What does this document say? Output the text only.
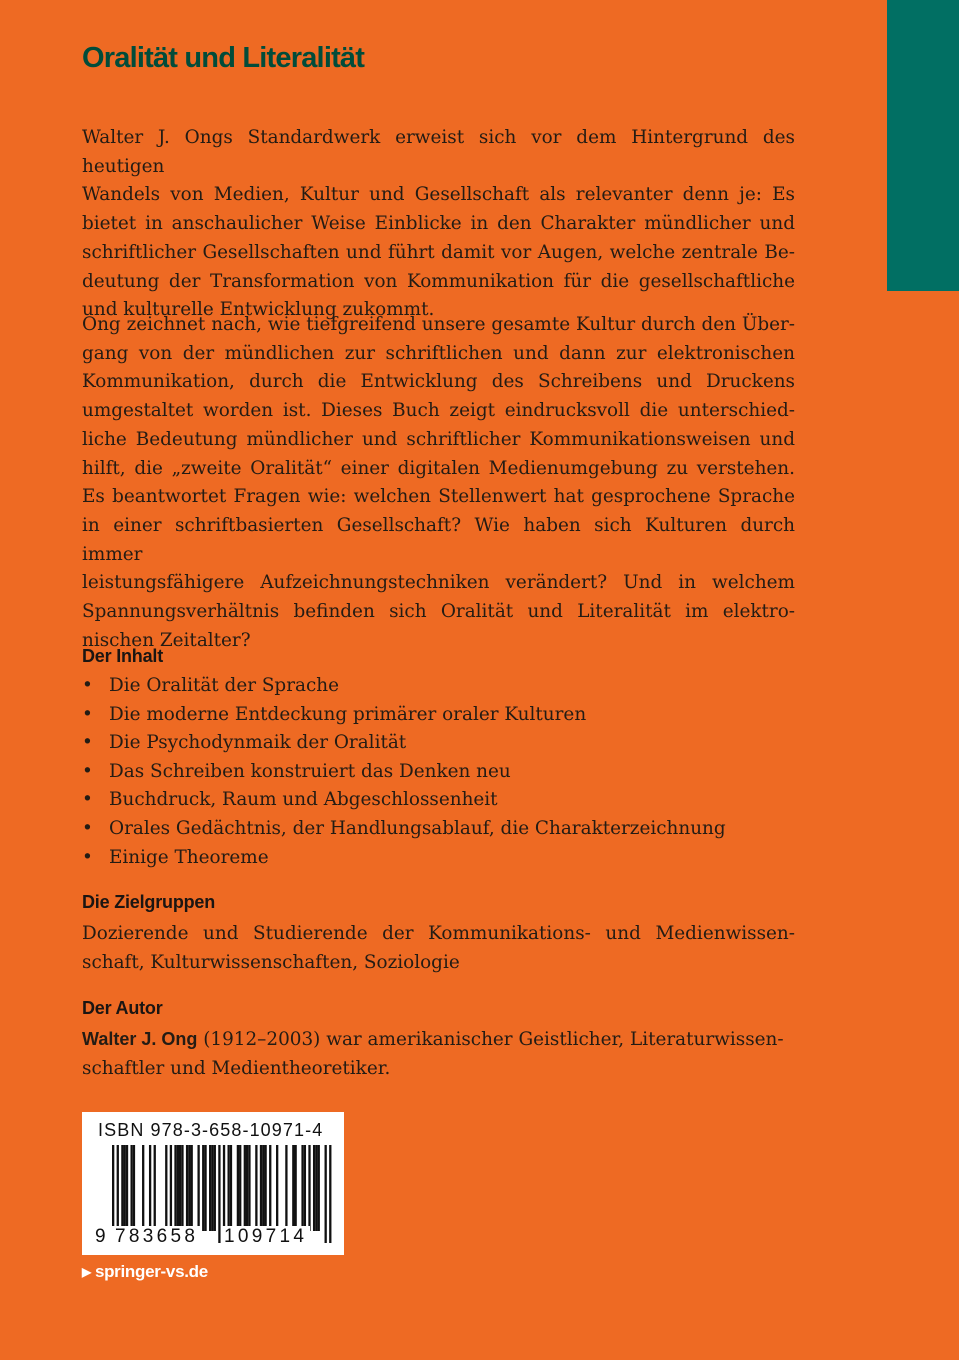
Oralität und Literalität

Walter J. Ongs Standardwerk erweist sich vor dem Hintergrund des heutigen
Wandels von Medien, Kultur und Gesellschaft als relevanter denn je: Es
bietet in anschaulicher Weise Einblicke in den Charakter mündlicher und
schriftlicher Gesellschaften und führt damit vor Augen, welche zentrale Be-
deutung der Transformation von Kommunikation für die gesellschaftliche
und kulturelle Entwicklung zukommt.

Ong zeichnet nach, wie tiefgreifend unsere gesamte Kultur durch den Über-
gang von der mündlichen zur schriftlichen und dann zur elektronischen
Kommunikation, durch die Entwicklung des Schreibens und Druckens
umgestaltet worden ist. Dieses Buch zeigt eindrucksvoll die unterschied-
liche Bedeutung mündlicher und schriftlicher Kommunikationsweisen und
hilft, die „zweite Oralität“ einer digitalen Medienumgebung zu verstehen.
Es beantwortet Fragen wie: welchen Stellenwert hat gesprochene Sprache
in einer schriftbasierten Gesellschaft? Wie haben sich Kulturen durch immer
leistungsfähigere Aufzeichnungstechniken verändert? Und in welchem
Spannungsverhältnis befinden sich Oralität und Literalität im elektro-
nischen Zeitalter?

Der Inhalt
• Die Oralität der Sprache
• Die moderne Entdeckung primärer oraler Kulturen
• Die Psychodynmaik der Oralität
• Das Schreiben konstruiert das Denken neu
• Buchdruck, Raum und Abgeschlossenheit
• Orales Gedächtnis, der Handlungsablauf, die Charakterzeichnung
• Einige Theoreme
Die Zielgruppen

Dozierende und Studierende der Kommunikations- und Medienwissen-
schaft, Kulturwissenschaften, Soziologie

Der Autor

Walter J. Ong (1912–2003) war amerikanischer Geistlicher, Literaturwissen-
schaftler und Medientheoretiker.

ISBN 978-3-658-10971-4

9 783658 109714
▶ springer-vs.de
